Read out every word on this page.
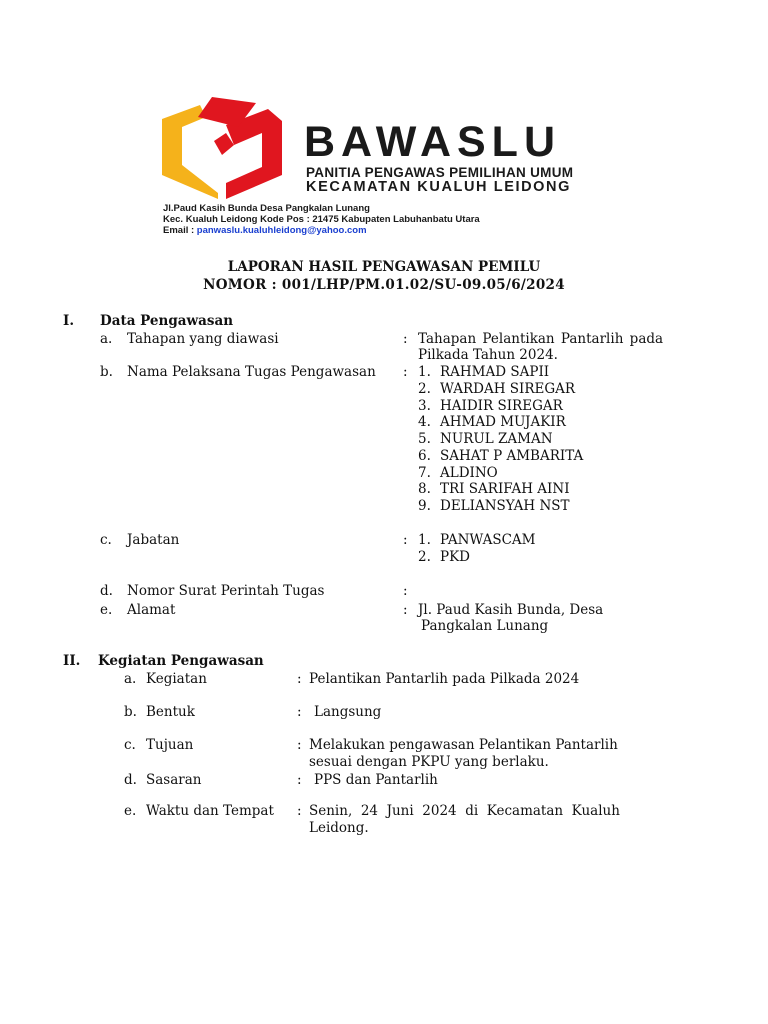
BAWASLU
PANITIA PENGAWAS PEMILIHAN UMUM
KECAMATAN KUALUH LEIDONG
Jl.Paud Kasih Bunda Desa Pangkalan Lunang
Kec. Kualuh Leidong Kode Pos : 21475 Kabupaten Labuhanbatu Utara
Email : panwaslu.kualuhleidong@yahoo.com
LAPORAN HASIL PENGAWASAN PEMILU
NOMOR : 001/LHP/PM.01.02/SU-09.05/6/2024
I. Data Pengawasan
a. Tahapan yang diawasi	: Tahapan Pelantikan Pantarlih pada
Pilkada Tahun 2024.
b. Nama Pelaksana Tugas Pengawasan : 1. RAHMAD SAPII
2. WARDAH SIREGAR
3. HAIDIR SIREGAR
4. AHMAD MUJAKIR
5. NURUL ZAMAN
6. SAHAT P AMBARITA
7. ALDINO
8. TRI SARIFAH AINI
9. DELIANSYAH NST
c. Jabatan	: 1. PANWASCAM
2. PKD
d. Nomor Surat Perintah Tugas	:
e. Alamat	: Jl. Paud Kasih Bunda, Desa
Pangkalan Lunang
II. Kegiatan Pengawasan
a. Kegiatan	: Pelantikan Pantarlih pada Pilkada 2024
b. Bentuk	: Langsung
c. Tujuan	: Melakukan pengawasan Pelantikan Pantarlih
sesuai dengan PKPU yang berlaku.
d. Sasaran	: PPS dan Pantarlih
e. Waktu dan Tempat : Senin,  24  Juni  2024  di  Kecamatan  Kualuh
Leidong.
